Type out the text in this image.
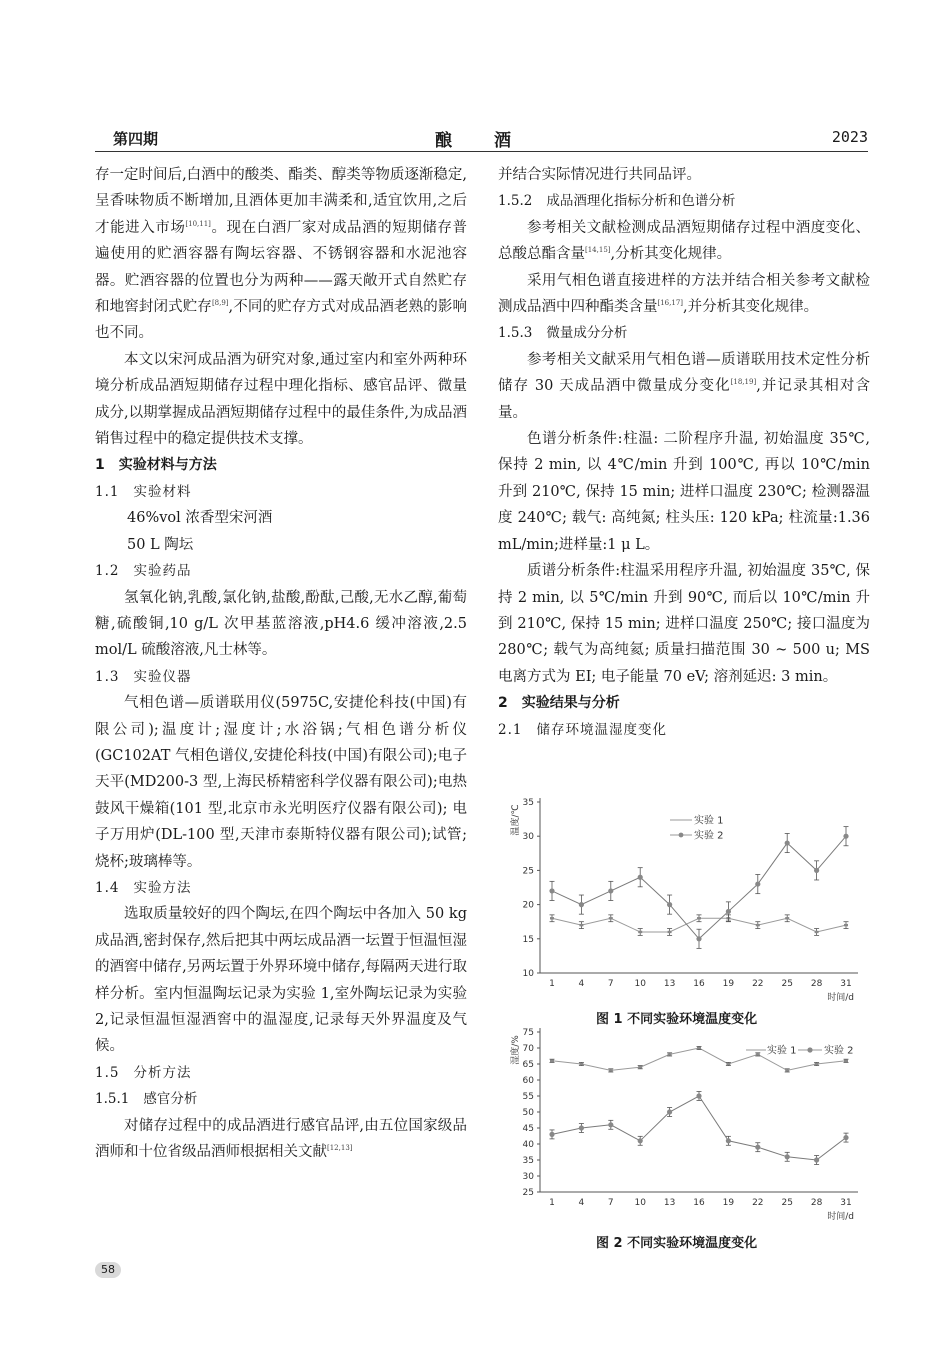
第四期	酿酒	2023

存一定时间后,白酒中的酸类、酯类、醇类等物质逐渐稳定,呈香味物质不断增加,且酒体更加丰满柔和,适宜饮用,之后才能进入市场[10,11]。现在白酒厂家对成品酒的短期储存普遍使用的贮酒容器有陶坛容器、不锈钢容器和水泥池容器。贮酒容器的位置也分为两种——露天敞开式自然贮存和地窖封闭式贮存[8,9],不同的贮存方式对成品酒老熟的影响也不同。

本文以宋河成品酒为研究对象,通过室内和室外两种环境分析成品酒短期储存过程中理化指标、感官品评、微量成分,以期掌握成品酒短期储存过程中的最佳条件,为成品酒销售过程中的稳定提供技术支撑。

1 实验材料与方法

1.1 实验材料

46%vol 浓香型宋河酒

50 L 陶坛

1.2 实验药品

氢氧化钠,乳酸,氯化钠,盐酸,酚酞,己酸,无水乙醇,葡萄糖,硫酸铜,10 g/L 次甲基蓝溶液,pH4.6 缓冲溶液,2.5 mol/L 硫酸溶液,凡士林等。

1.3 实验仪器

气相色谱—质谱联用仪(5975C,安捷伦科技(中国)有限公司);温度计;湿度计;水浴锅;气相色谱分析仪(GC102AT 气相色谱仪,安捷伦科技(中国)有限公司);电子天平(MD200-3 型,上海民桥精密科学仪器有限公司);电热鼓风干燥箱(101 型,北京市永光明医疗仪器有限公司); 电子万用炉(DL-100 型,天津市泰斯特仪器有限公司);试管;烧杯;玻璃棒等。

1.4 实验方法

选取质量较好的四个陶坛,在四个陶坛中各加入 50 kg 成品酒,密封保存,然后把其中两坛成品酒一坛置于恒温恒湿的酒窖中储存,另两坛置于外界环境中储存,每隔两天进行取样分析。室内恒温陶坛记录为实验 1,室外陶坛记录为实验 2,记录恒温恒湿酒窖中的温湿度,记录每天外界温度及气候。

1.5 分析方法

1.5.1 感官分析

对储存过程中的成品酒进行感官品评,由五位国家级品酒师和十位省级品酒师根据相关文献[12,13]

并结合实际情况进行共同品评。

1.5.2 成品酒理化指标分析和色谱分析

参考相关文献检测成品酒短期储存过程中酒度变化、总酸总酯含量[14,15],分析其变化规律。

采用气相色谱直接进样的方法并结合相关参考文献检测成品酒中四种酯类含量[16,17],并分析其变化规律。

1.5.3 微量成分分析

参考相关文献采用气相色谱—质谱联用技术定性分析储存 30 天成品酒中微量成分变化[18,19],并记录其相对含量。

色谱分析条件:柱温: 二阶程序升温, 初始温度 35℃, 保持 2 min, 以 4℃/min 升到 100℃, 再以 10℃/min 升到 210℃, 保持 15 min; 进样口温度 230℃; 检测器温度 240℃; 载气: 高纯氮; 柱头压: 120 kPa; 柱流量:1.36 mL/min;进样量:1 μ L。

质谱分析条件:柱温采用程序升温, 初始温度 35℃, 保持 2 min, 以 5℃/min 升到 90℃, 而后以 10℃/min 升到 210℃, 保持 15 min; 进样口温度 250℃; 接口温度为 280℃; 载气为高纯氦; 质量扫描范围 30 ~ 500 u; MS 电离方式为 EI; 电子能量 70 eV; 溶剂延迟: 3 min。

2 实验结果与分析

2.1 储存环境温湿度变化

10
15
20
25
30
35
1	4	7 10 13 16 19 22 25 28 31
时间/d
温度/℃	实验 1
实验 2
图 1 不同实验环境温度变化
25
30
35
40
45
50
55
60
65
70
75
1	4	7 10 13 16 19 22 25 28 31
时间/d
湿度/%	实验 1	实验 2
图 2 不同实验环境温度变化
58
